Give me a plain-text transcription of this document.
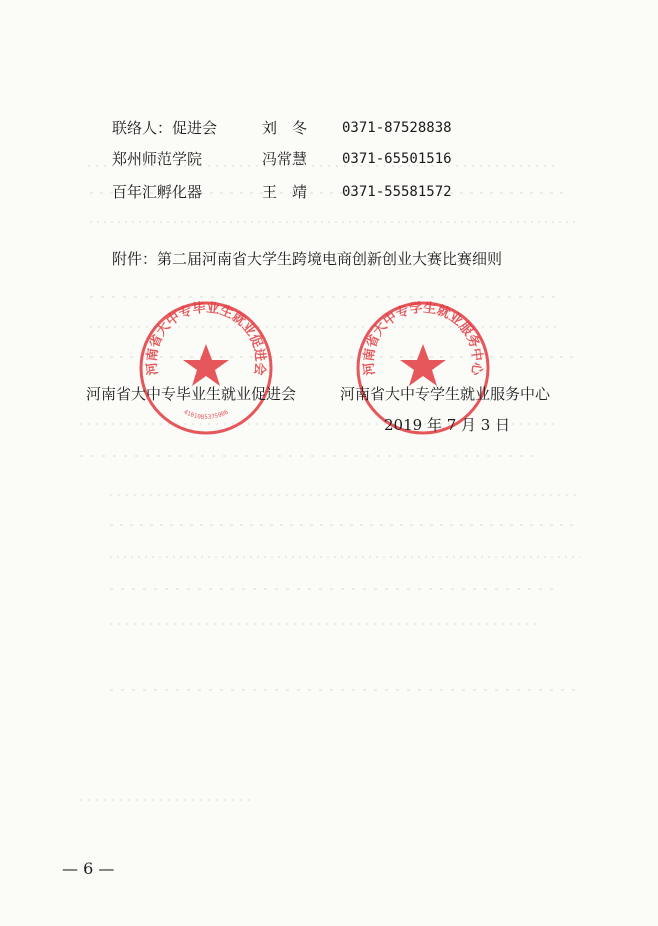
联络人：促进会	刘　冬 0371-87528838
郑州师范学院	冯常慧 0371-65501516
百年汇孵化器	王　靖 0371-55581572
附件：第二届河南省大学生跨境电商创新创业大赛比赛细则
河南省大中专毕业生就业促进会
4101085375906
河南省大中专学生就业服务中心
河南省大中专毕业生就业促进会	河南省大中专学生就业服务中心
2019 年 7 月 3 日
— 6 —
